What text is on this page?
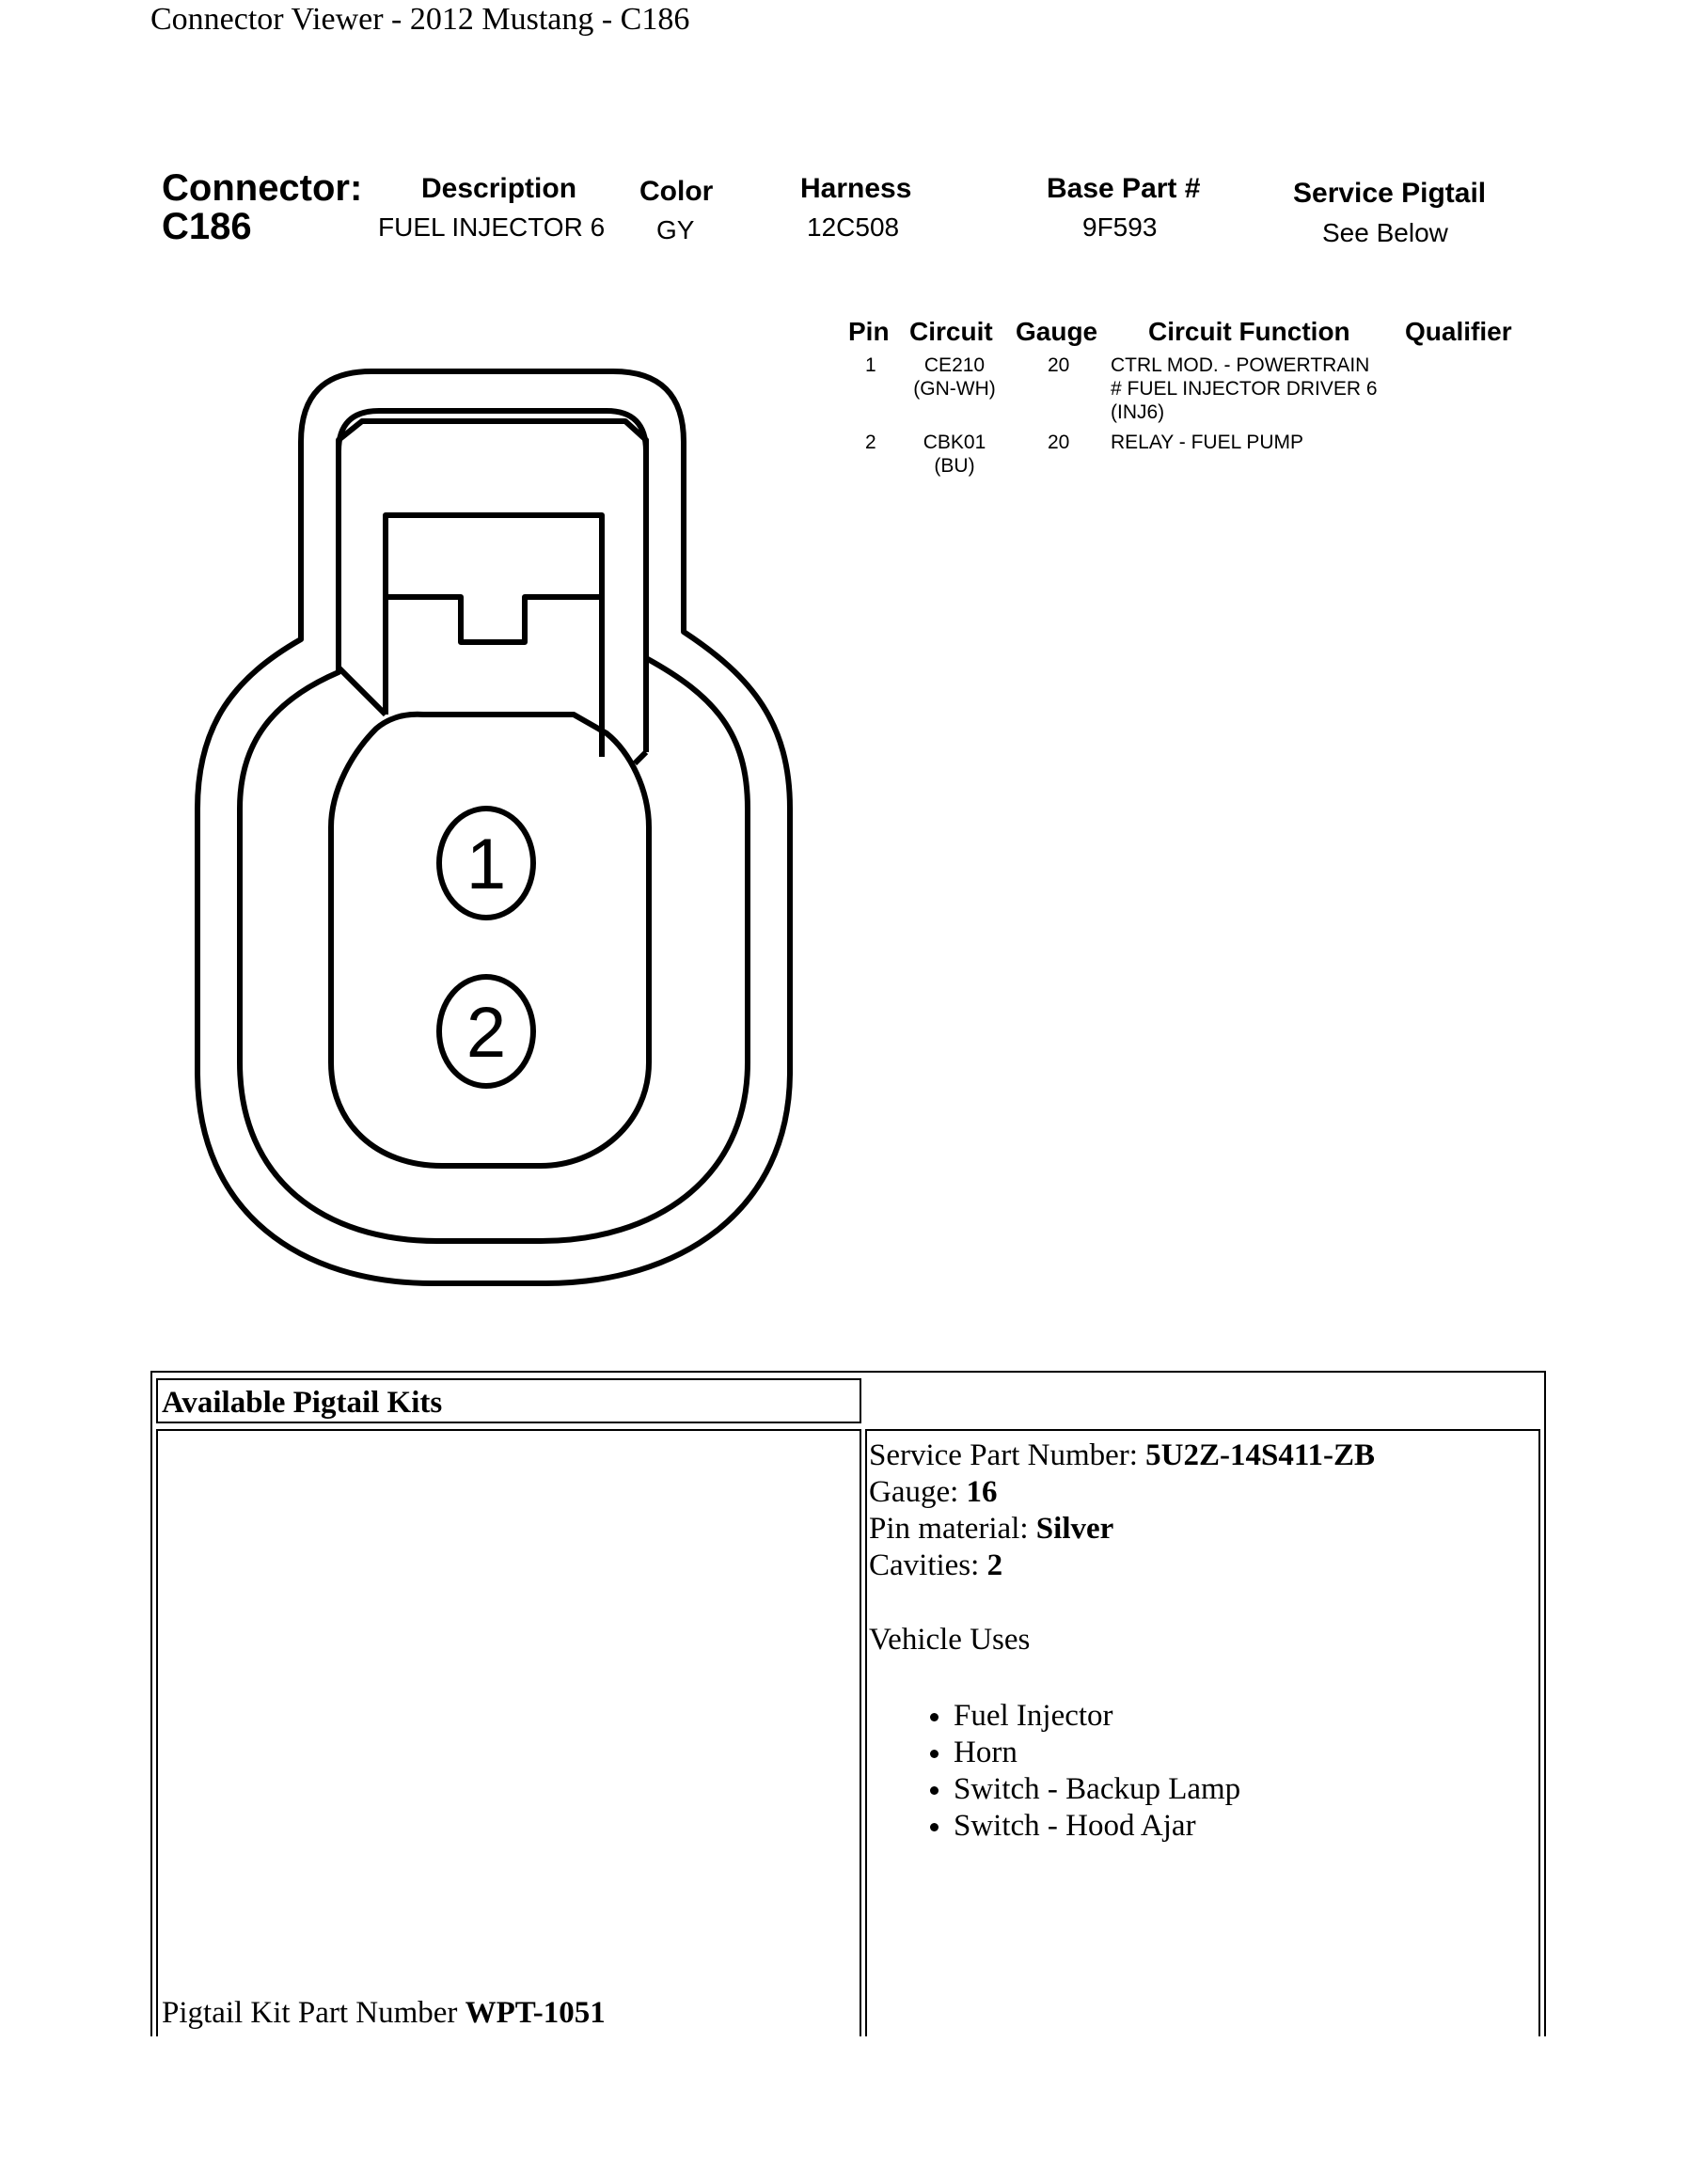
Connector Viewer - 2012 Mustang - C186
Connector:
C186
Description
FUEL INJECTOR 6
Color
GY
Harness
12C508
Base Part #
9F593
Service Pigtail
See Below
Pin Circuit Gauge Circuit Function Qualifier
1	CE210
(GN-WH)
20 CTRL MOD. - POWERTRAIN
# FUEL INJECTOR DRIVER 6
(INJ6)
2	CBK01
(BU)
20 RELAY - FUEL PUMP
1
2
Available Pigtail Kits
Service Part Number: 5U2Z-14S411-ZB
Gauge: 16
Pin material: Silver
Cavities: 2
Vehicle Uses
• Fuel Injector
• Horn
• Switch - Backup Lamp
• Switch - Hood Ajar
Pigtail Kit Part Number WPT-1051
